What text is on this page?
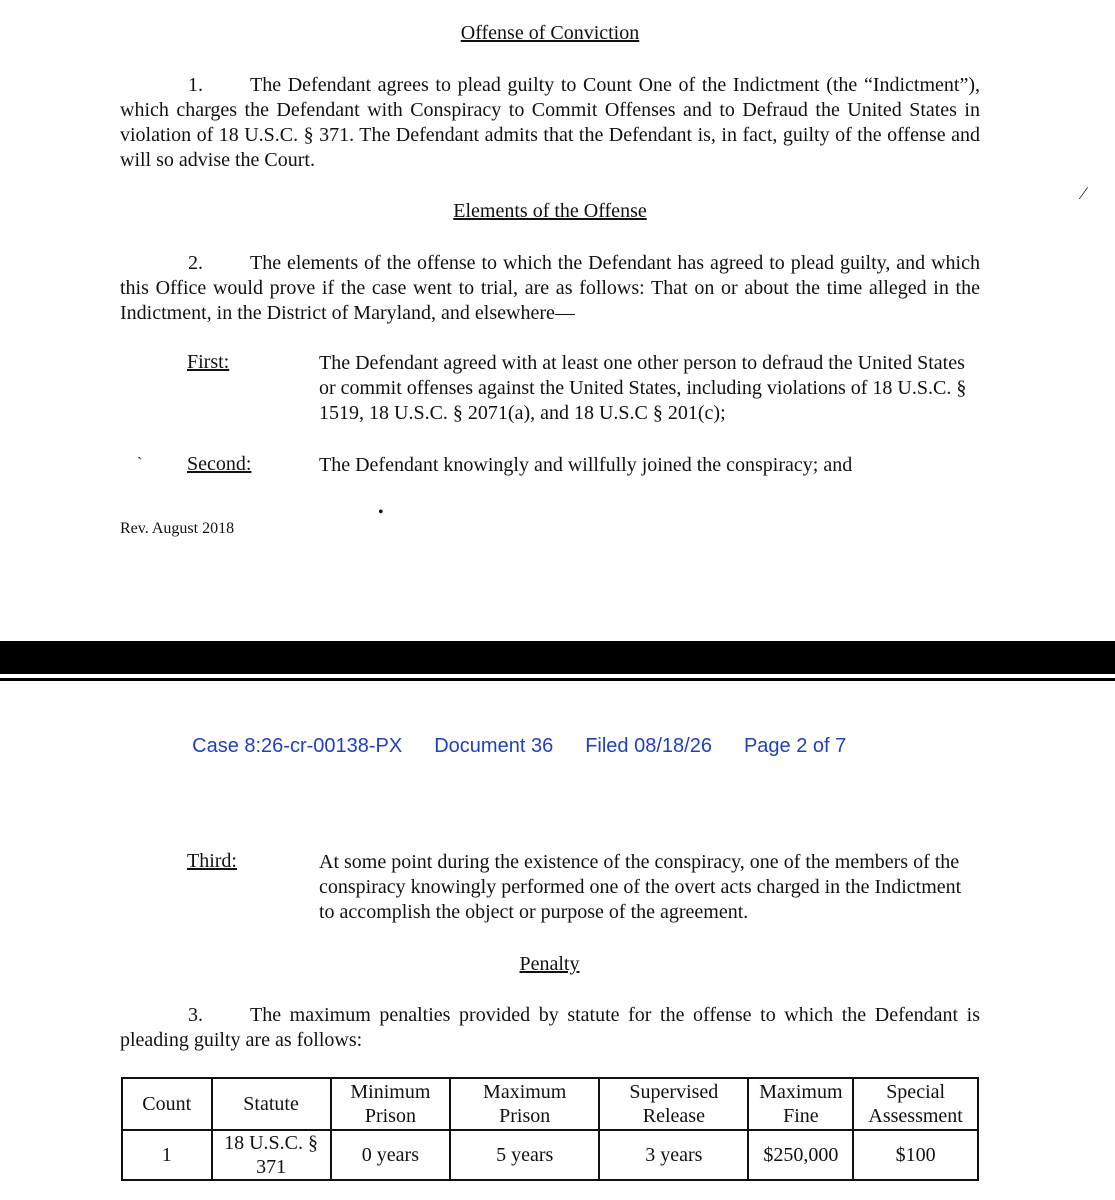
Offense of Conviction
1. The Defendant agrees to plead guilty to Count One of the Indictment (the “Indictment”), which charges the Defendant with Conspiracy to Commit Offenses and to Defraud the United States in violation of 18 U.S.C. § 371. The Defendant admits that the Defendant is, in fact, guilty of the offense and will so advise the Court.
Elements of the Offense
2. The elements of the offense to which the Defendant has agreed to plead guilty, and which this Office would prove if the case went to trial, are as follows: That on or about the time alleged in the Indictment, in the District of Maryland, and elsewhere—
First:	The Defendant agreed with at least one other person to defraud the United States or commit offenses against the United States, including violations of 18 U.S.C. § 1519, 18 U.S.C. § 2071(a), and 18 U.S.C § 201(c);
ˏ
Second:	The Defendant knowingly and willfully joined the conspiracy; and
∕
•
Rev. August 2018

Case 8:26-cr-00138-PX Document 36 Filed 08/18/26 Page 2 of 7

Third:	At some point during the existence of the conspiracy, one of the members of the conspiracy knowingly performed one of the overt acts charged in the Indictment to accomplish the object or purpose of the agreement.
Penalty
3. The maximum penalties provided by statute for the offense to which the Defendant is pleading guilty are as follows:
Count	Statute	Minimum Prison	Maximum Prison	Supervised Release	Maximum Fine	Special Assessment
1	18 U.S.C. § 371	0 years	5 years	3 years	$250,000	$100
